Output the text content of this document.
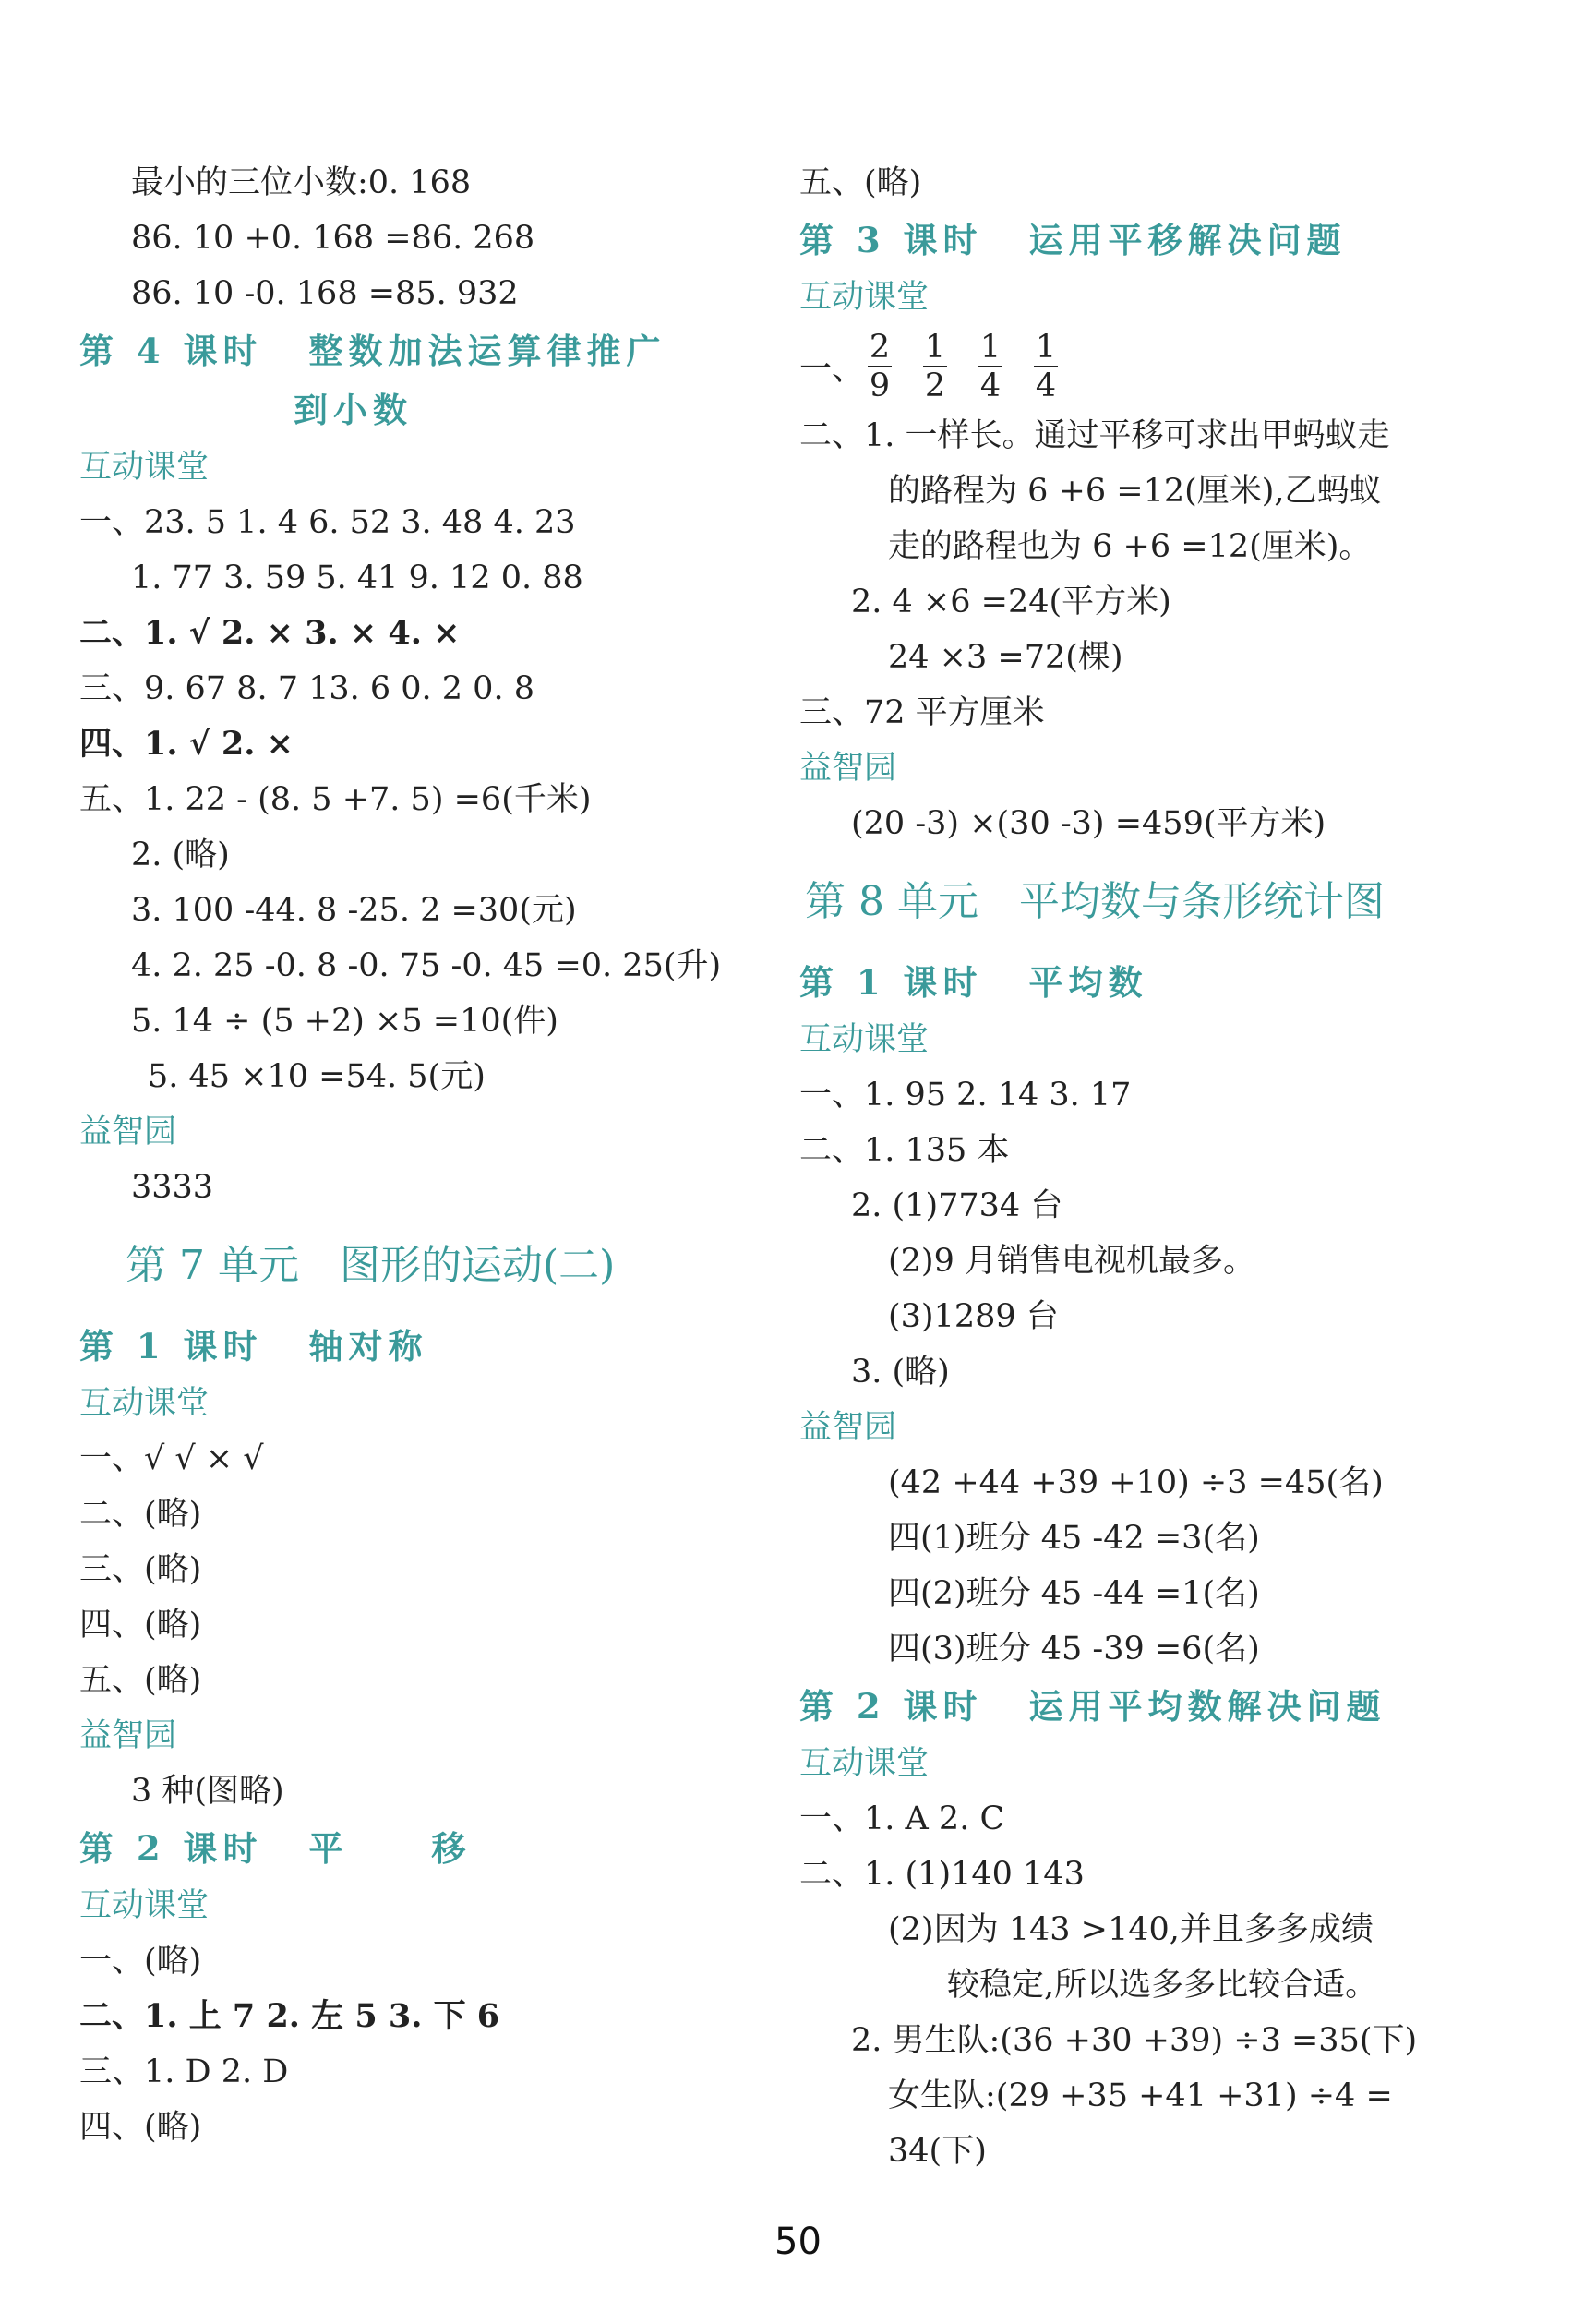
最小的三位小数:0. 168
86. 10 +0. 168 =86. 268
86. 10 -0. 168 =85. 932
第 4 课时 整数加法运算律推广
到小数
互动课堂
一、23. 5 1. 4 6. 52 3. 48 4. 23
1. 77 3. 59 5. 41 9. 12 0. 88
二、1. √ 2. × 3. × 4. ×
三、9. 67 8. 7 13. 6 0. 2 0. 8
四、1. √ 2. ×
五、1. 22 - (8. 5 +7. 5) =6(千米)
2. (略)
3. 100 -44. 8 -25. 2 =30(元)
4. 2. 25 -0. 8 -0. 75 -0. 45 =0. 25(升)
5. 14 ÷ (5 +2) ×5 =10(件)
5. 45 ×10 =54. 5(元)
益智园
3333
第 7 单元 图形的运动(二)
第 1 课时 轴对称
互动课堂
一、√ √ × √
二、(略)
三、(略)
四、(略)
五、(略)
益智园
3 种(图略)
第 2 课时 平 移
互动课堂
一、(略)
二、1. 上 7 2. 左 5 3. 下 6
三、1. D 2. D
四、(略)
五、(略)
第 3 课时 运用平移解决问题
互动课堂
一、 $\frac{2}{9} \frac{1}{2} \frac{1}{4} \frac{1}{4}$
二、1. 一样长。通过平移可求出甲蚂蚁走
的路程为 6 +6 =12(厘米),乙蚂蚁
走的路程也为 6 +6 =12(厘米)。
2. 4 ×6 =24(平方米)
24 ×3 =72(棵)
三、72 平方厘米
益智园
(20 -3) ×(30 -3) =459(平方米)
第 8 单元 平均数与条形统计图
第 1 课时 平均数
互动课堂
一、1. 95 2. 14 3. 17
二、1. 135 本
2. (1)7734 台
(2)9 月销售电视机最多。
(3)1289 台
3. (略)
益智园
(42 +44 +39 +10) ÷3 =45(名)
四(1)班分 45 -42 =3(名)
四(2)班分 45 -44 =1(名)
四(3)班分 45 -39 =6(名)
第 2 课时 运用平均数解决问题
互动课堂
一、1. A 2. C
二、1. (1)140 143
(2)因为 143 >140,并且多多成绩
较稳定,所以选多多比较合适。
2. 男生队:(36 +30 +39) ÷3 =35(下)
女生队:(29 +35 +41 +31) ÷4 =
34(下)
50
